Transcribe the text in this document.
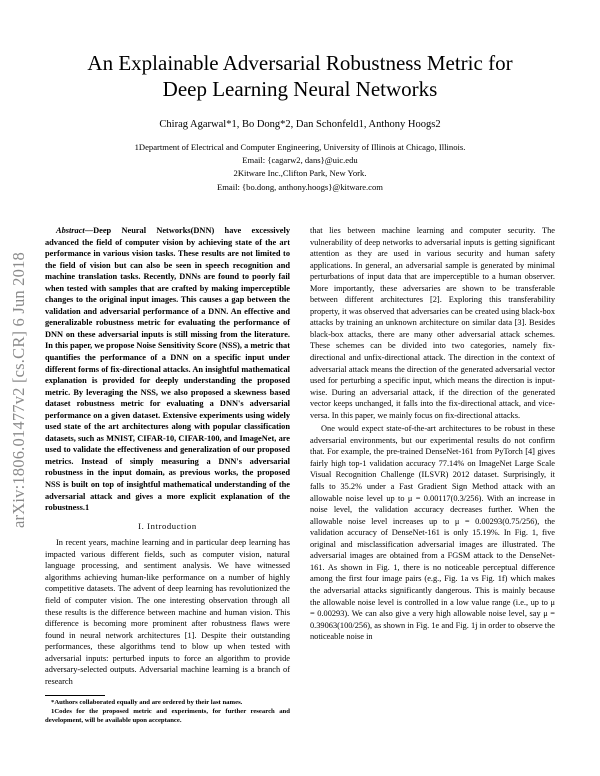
arXiv:1806.01477v2 [cs.CR] 6 Jun 2018
An Explainable Adversarial Robustness Metric for
Deep Learning Neural Networks
Chirag Agarwal*1, Bo Dong*2, Dan Schonfeld1, Anthony Hoogs2
1Department of Electrical and Computer Engineering, University of Illinois at Chicago, Illinois.
Email: {cagarw2, dans}@uic.edu
2Kitware Inc.,Clifton Park, New York.
Email: {bo.dong, anthony.hoogs}@kitware.com

Abstract—Deep Neural Networks(DNN) have excessively advanced the field of computer vision by achieving state of the art performance in various vision tasks. These results are not limited to the field of vision but can also be seen in speech recognition and machine translation tasks. Recently, DNNs are found to poorly fail when tested with samples that are crafted by making imperceptible changes to the original input images. This causes a gap between the validation and adversarial performance of a DNN. An effective and generalizable robustness metric for evaluating the performance of DNN on these adversarial inputs is still missing from the literature. In this paper, we propose Noise Sensitivity Score (NSS), a metric that quantifies the performance of a DNN on a specific input under different forms of fix-directional attacks. An insightful mathematical explanation is provided for deeply understanding the proposed metric. By leveraging the NSS, we also proposed a skewness based dataset robustness metric for evaluating a DNN's adversarial performance on a given dataset. Extensive experiments using widely used state of the art architectures along with popular classification datasets, such as MNIST, CIFAR-10, CIFAR-100, and ImageNet, are used to validate the effectiveness and generalization of our proposed metrics. Instead of simply measuring a DNN's adversarial robustness in the input domain, as previous works, the proposed NSS is built on top of insightful mathematical understanding of the adversarial attack and gives a more explicit explanation of the robustness.1

I. Introduction

In recent years, machine learning and in particular deep learning has impacted various different fields, such as computer vision, natural language processing, and sentiment analysis. We have witnessed algorithms achieving human-like performance on a number of highly competitive datasets. The advent of deep learning has revolutionized the field of computer vision. The one interesting observation through all these results is the difference between machine and human vision. This difference is becoming more prominent after robustness flaws were found in neural network architectures [1]. Despite their outstanding performances, these algorithms tend to blow up when tested with adversarial inputs: perturbed inputs to force an algorithm to provide adversary-selected outputs. Adversarial machine learning is a branch of research

*Authors collaborated equally and are ordered by their last names.
1Codes for the proposed metric and experiments, for further research and development, will be available upon acceptance.

that lies between machine learning and computer security. The vulnerability of deep networks to adversarial inputs is getting significant attention as they are used in various security and human safety applications. In general, an adversarial sample is generated by minimal perturbations of input data that are imperceptible to a human observer. More importantly, these adversaries are shown to be transferable between different architectures [2]. Exploring this transferability property, it was observed that adversaries can be created using black-box attacks by training an unknown architecture on similar data [3]. Besides black-box attacks, there are many other adversarial attack schemes. These schemes can be divided into two categories, namely fix-directional and unfix-directional attack. The direction in the context of adversarial attack means the direction of the generated adversarial vector used for perturbing a specific input, which means the direction is input-wise. During an adversarial attack, if the direction of the generated vector keeps unchanged, it falls into the fix-directional attack, and vice-versa. In this paper, we mainly focus on fix-directional attacks.

One would expect state-of-the-art architectures to be robust in these adversarial environments, but our experimental results do not confirm that. For example, the pre-trained DenseNet-161 from PyTorch [4] gives fairly high top-1 validation accuracy 77.14% on ImageNet Large Scale Visual Recognition Challenge (ILSVR) 2012 dataset. Surprisingly, it falls to 35.2% under a Fast Gradient Sign Method attack with an allowable noise level up to μ = 0.00117(0.3/256). With an increase in noise level, the validation accuracy decreases further. When the allowable noise level increases up to μ = 0.00293(0.75/256), the validation accuracy of DenseNet-161 is only 15.19%. In Fig. 1, five original and misclassification adversarial images are illustrated. The adversarial images are obtained from a FGSM attack to the DenseNet-161. As shown in Fig. 1, there is no noticeable perceptual difference among the first four image pairs (e.g., Fig. 1a vs Fig. 1f) which makes the adversarial attacks significantly dangerous. This is mainly because the allowable noise level is controlled in a low value range (i.e., up to μ = 0.00293). We can also give a very high allowable noise level, say μ = 0.39063(100/256), as shown in Fig. 1e and Fig. 1j in order to observe the noticeable noise in
